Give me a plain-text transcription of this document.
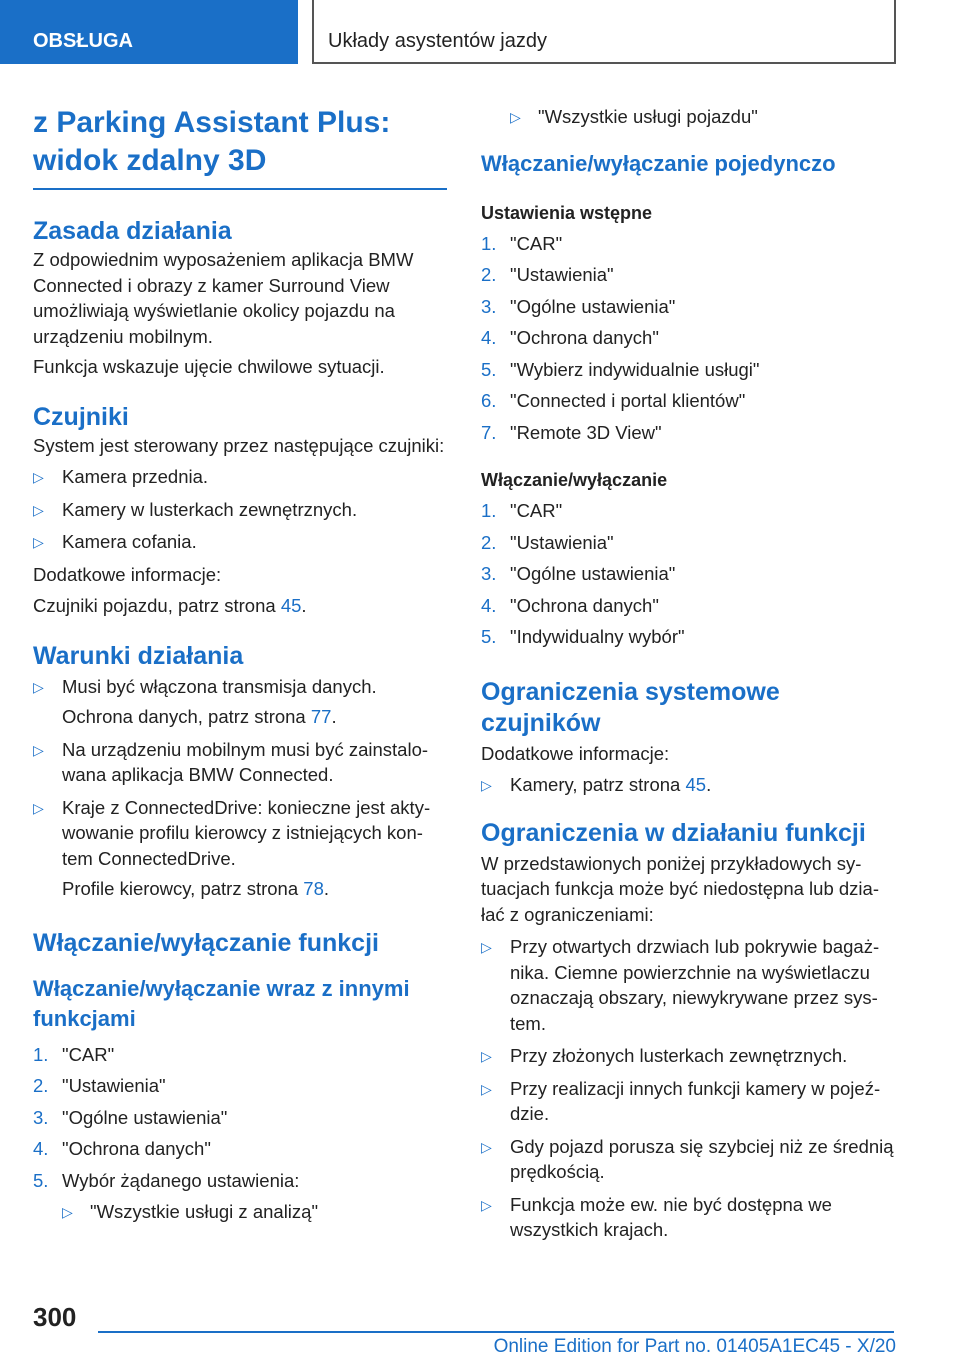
OBSŁUGA	Układy asystentów jazdy
z Parking Assistant Plus:
widok zdalny 3D
Zasada działania

Z odpowiednim wyposażeniem aplikacja BMW Connected i obrazy z kamer Surround View umożliwiają wyświetlanie okolicy pojazdu na urządzeniu mobilnym.

Funkcja wskazuje ujęcie chwilowe sytuacji.

Czujniki

System jest sterowany przez następujące czujniki:

▷ Kamera przednia.
▷ Kamery w lusterkach zewnętrznych.
▷ Kamera cofania.

Dodatkowe informacje:

Czujniki pojazdu, patrz strona 45.

Warunki działania
▷ Musi być włączona transmisja danych.
Ochrona danych, patrz strona 77.
▷ Na urządzeniu mobilnym musi być zainstalowana aplikacja BMW Connected.
▷ Kraje z ConnectedDrive: konieczne jest aktywowanie profilu kierowcy z istniejących kontem ConnectedDrive.
Profile kierowcy, patrz strona 78.
Włączanie/wyłączanie funkcji
Włączanie/wyłączanie wraz z innymi funkcjami
1. "CAR"
2. "Ustawienia"
3. "Ogólne ustawienia"
4. "Ochrona danych"
5. Wybór żądanego ustawienia:
▷ "Wszystkie usługi z analizą"
▷ "Wszystkie usługi pojazdu"
Włączanie/wyłączanie pojedynczo
Ustawienia wstępne
1. "CAR"
2. "Ustawienia"
3. "Ogólne ustawienia"
4. "Ochrona danych"
5. "Wybierz indywidualnie usługi"
6. "Connected i portal klientów"
7. "Remote 3D View"
Włączanie/wyłączanie
1. "CAR"
2. "Ustawienia"
3. "Ogólne ustawienia"
4. "Ochrona danych"
5. "Indywidualny wybór"
Ograniczenia systemowe
czujników

Dodatkowe informacje:

▷ Kamery, patrz strona 45.
Ograniczenia w działaniu funkcji

W przedstawionych poniżej przykładowych sytuacjach funkcja może być niedostępna lub działać z ograniczeniami:

▷ Przy otwartych drzwiach lub pokrywie bagażnika. Ciemne powierzchnie na wyświetlaczu oznaczają obszary, niewykrywane przez system.
▷ Przy złożonych lusterkach zewnętrznych.
▷ Przy realizacji innych funkcji kamery w pojeździe.
▷ Gdy pojazd porusza się szybciej niż ze średnią prędkością.
▷ Funkcja może ew. nie być dostępna we wszystkich krajach.
300
Online Edition for Part no. 01405A1EC45 - X/20
